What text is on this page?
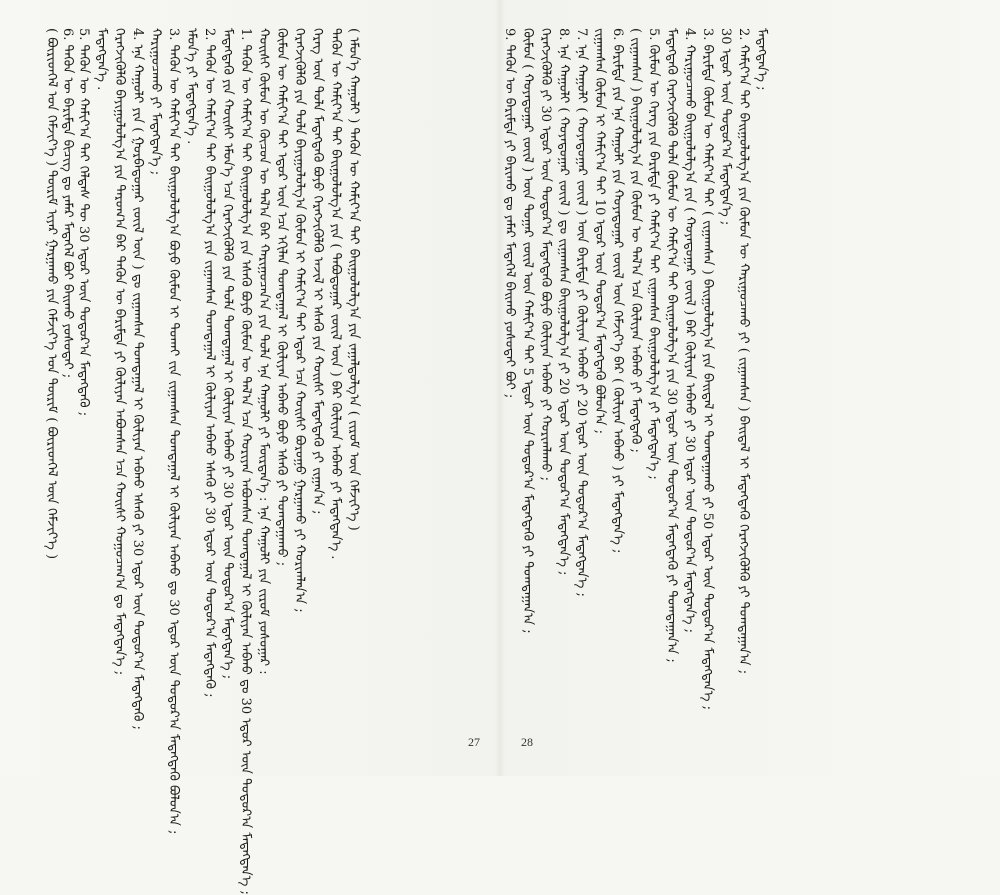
( ᠪᠦᠷᠢᠳᠭᠡᠯ ᠤᠨ ᠬᠡᠮᠵᠢᠶ᠎ᠡ ) ᠳᠦᠷᠢᠮ ᠢᠶᠠᠷ ᠭᠠᠷᠭᠠᠬᠤ ᠶᠢᠨ ᠬᠡᠮᠵᠢᠶ᠎ᠡ ᠤᠨ ᠳᠦᠷᠢᠮ ( ᠪᠦᠷᠢᠳᠭᠡᠯ ᠦᠨ ᠬᠡᠮᠵᠢᠶ᠎ᠡ ) 6. ᠲᠡᠭᠦᠨ ᠦ ᠪᠠᠷᠢᠮᠲᠠ ᠪᠢᠴᠢᠭ ᠳᠤ ᠶᠠᠮᠠᠷ ᠮᠡᠳᠡᠭᠡᠯ ᠪᠤᠢ ᠪᠠᠢᠬᠤ ᠶᠣᠰᠣᠳᠠᠢ ; 5. ᠲᠡᠭᠦᠨ ᠦ ᠬᠠᠮᠢᠶ᠎ᠠ ᠲᠠᠢ ᠬᠡᠯᠲᠡᠰ ᠲᠦ 30 ᠡᠳᠦᠷ ᠦᠨ ᠳᠣᠲᠣᠷ᠎ᠠ ᠮᠡᠳᠡᠭᠳᠡᠬᠦ ; ᠮᠡᠳᠡᠭᠳᠡᠨ᠎ᠡ . ᠬᠡᠷᠡᠭᠵᠢᠭᠦᠯᠬᠦ ᠪᠠᠶᠢᠭᠤᠯᠤᠯᠭ᠎ᠠ ᠶᠢᠨ ᠳᠠᠷᠤᠭ᠎ᠠ ᠪᠡᠷ ᠲᠡᠭᠦᠨ ᠦ ᠪᠠᠷᠢᠮᠲᠠ ᠶᠢ ᠬᠦᠯᠢᠶᠡᠨ ᠠᠪᠤᠭᠰᠠᠨ ᠡᠴᠡ ᠬᠣᠢᠰᠢ ᠬᠤᠭᠤᠴᠠᠭ᠎ᠠ ᠳᠤ ᠮᠡᠳᠡᠭᠳᠡᠨ᠎ᠡ ; 4. ᠡᠨᠡ ᠬᠠᠭᠤᠯᠢ ᠶᠢᠨ ( ᠭᠤᠷᠪᠠᠳᠤᠭᠠᠷ ᠵᠦᠢᠯ ᠦᠨ ) ᠳᠤ ᠵᠢᠭᠠᠭᠰᠠᠨ ᠲᠣᠭᠲᠠᠭᠠᠯ ᠢ ᠬᠦᠯᠢᠶᠡᠨ ᠠᠪᠬᠤ ᠡᠰᠡᠬᠦ ᠶᠢ 30 ᠡᠳᠦᠷ ᠦᠨ ᠳᠣᠲᠣᠷ᠎ᠠ ᠮᠡᠳᠡᠭᠳᠡᠬᠦ ; ᠬᠠᠷᠢᠭᠤᠴᠠᠬᠤ ᠶᠢ ᠮᠡᠳᠡᠭᠳᠡᠨ᠎ᠡ ; 3. ᠲᠡᠭᠦᠨ ᠦ ᠬᠠᠮᠢᠶ᠎ᠠ ᠲᠠᠢ ᠪᠠᠢᠭᠤᠯᠤᠯᠭ᠎ᠠ ᠪᠤᠶᠤ ᠬᠦᠮᠦᠨ ᠢ ᠲᠤᠬᠠᠢ ᠵᠢᠨ ᠵᠢᠭᠠᠭᠰᠠᠨ ᠲᠣᠭᠲᠠᠭᠠᠯ ᠢ ᠬᠦᠯᠢᠶᠡᠨ ᠠᠪᠬᠤ ᠳᠤ 30 ᠡᠳᠦᠷ ᠦᠨ ᠳᠣᠲᠣᠷ᠎ᠠ ᠮᠡᠳᠡᠭᠳᠡᠬᠦ ᠪᠤᠯᠤᠨ᠎ᠠ ; ᠡᠮᠦᠨ᠎ᠡ ᠶᠢ ᠮᠡᠳᠡᠭᠳᠡᠨ᠎ᠡ . 2. ᠲᠡᠭᠦᠨ ᠦ ᠬᠠᠮᠢᠶ᠎ᠠ ᠲᠠᠢ ᠪᠠᠢᠭᠤᠯᠤᠯᠭ᠎ᠠ ᠶᠢᠨ ᠵᠢᠭᠠᠭᠰᠠᠨ ᠲᠣᠭᠲᠠᠭᠠᠯ ᠢ ᠬᠦᠯᠢᠶᠡᠨ ᠠᠪᠬᠤ ᠡᠰᠡᠬᠦ ᠶᠢ 30 ᠡᠳᠦᠷ ᠦᠨ ᠳᠣᠲᠣᠷ᠎ᠠ ᠮᠡᠳᠡᠭᠳᠡᠬᠦ ; ᠮᠡᠳᠡᠭᠳᠡᠬᠦ ᠶᠢᠨ ᠬᠣᠢᠰᠢ ᠡᠮᠦᠨ᠎ᠡ ᠡᠴᠡ ᠬᠡᠷᠡᠭᠵᠢᠭᠦᠯᠬᠦ ᠶᠢᠨ ᠲᠤᠯᠠ ᠲᠣᠭᠲᠠᠭᠠᠯ ᠢ ᠬᠦᠯᠢᠶᠡᠨ ᠠᠪᠬᠤ ᠶᠢ 30 ᠡᠳᠦᠷ ᠦᠨ ᠳᠣᠲᠣᠷ᠎ᠠ ᠮᠡᠳᠡᠭᠳᠡᠨ᠎ᠡ ; 1. ᠲᠡᠭᠦᠨ ᠦ ᠬᠠᠮᠢᠶ᠎ᠠ ᠲᠠᠢ ᠪᠠᠢᠭᠤᠯᠤᠯᠭ᠎ᠠ ᠶᠢᠨ ᠡᠰᠡᠬᠦ ᠪᠤᠶᠤ ᠬᠦᠮᠦᠨ ᠦ ᠲᠠᠯ᠎ᠠ ᠡᠴᠡ ᠬᠤᠷᠢᠶᠠᠨ ᠠᠪᠤᠭᠰᠠᠨ ᠲᠣᠭᠲᠠᠭᠠᠯ ᠢ ᠬᠦᠯᠢᠶᠡᠨ ᠠᠪᠬᠤ ᠳᠤ 30 ᠡᠳᠦᠷ ᠦᠨ ᠳᠣᠲᠣᠷ᠎ᠠ ᠮᠡᠳᠡᠭᠳᠡᠨ᠎ᠡ ; ᠬᠣᠢᠰᠢ ᠬᠦᠮᠦᠨ ᠦ ᠬᠦᠴᠦᠨ ᠦ ᠲᠠᠯ᠎ᠠ ᠪᠠᠷ ᠬᠠᠷᠢᠭᠤᠴᠠᠨ᠎ᠠ ᠶᠢᠨ ᠲᠤᠯᠠ ᠡᠨᠡ ᠬᠠᠭᠤᠯᠢ ᠶᠢ ᠮᠦᠷᠳᠡᠨ᠎ᠡ : ᠡᠨᠡ ᠬᠠᠭᠤᠯᠢ ᠶᠢᠨ ᠵᠢᠷᠤᠮ ᠶᠣᠰᠣᠭᠠᠷ : ᠬᠦᠮᠦᠨ ᠦ ᠬᠠᠮᠢᠶ᠎ᠠ ᠲᠠᠢ ᠡᠳᠦᠷ ᠦᠨ ᠡᠴᠡ ᠡᠬᠢᠯᠡᠨ ᠲᠣᠭᠲᠠᠭᠠᠯ ᠢ ᠬᠦᠯᠢᠶᠡᠨ ᠠᠪᠬᠤ ᠪᠤᠶᠤ ᠡᠰᠡᠬᠦ ᠶᠢ ᠲᠣᠭᠲᠠᠭᠠᠬᠤ ; ᠬᠡᠷᠡᠭᠵᠢᠭᠦᠯᠬᠦ ᠶᠢᠨ ᠲᠤᠯᠠ ᠪᠠᠶᠢᠭᠤᠯᠤᠯᠭ᠎ᠠ ᠬᠦᠮᠦᠨ ᠢ ᠬᠠᠮᠢᠶ᠎ᠠ ᠲᠠᠢ ᠡᠳᠦᠷ ᠡᠴᠡ ᠬᠣᠢᠰᠢ ᠪᠤᠷᠤᠭᠤ ᠭᠠᠷᠭᠠᠬᠤ ᠶᠢ ᠬᠣᠷᠢᠭᠯᠠᠨ᠎ᠠ ; ᠬᠡᠷᠡᠭ ᠦᠨ ᠲᠤᠯᠠ ᠮᠡᠳᠡᠭᠳᠡᠬᠦ ᠪᠤᠶᠤ ᠬᠡᠷᠡᠭᠵᠢᠭᠦᠯᠬᠦ ᠠᠵᠢᠯ ᠢ ᠡᠰᠡᠬᠦ ᠶᠢᠨ ᠬᠣᠢᠰᠢ ᠮᠡᠳᠡᠭᠳᠡᠬᠦ ᠶᠢ ᠵᠢᠭᠠᠨ᠎ᠠ ; ᠲᠡᠭᠦᠨ ᠦ ᠬᠠᠮᠢᠶ᠎ᠠ ᠲᠠᠢ ᠪᠠᠢᠭᠤᠯᠤᠯᠭ᠎ᠠ ᠶᠢᠨ ( ᠲᠠᠪᠤᠳᠤᠭᠠᠷ ᠵᠦᠢᠯ ᠦᠨ ) ᠪᠠᠷ ᠬᠦᠯᠢᠶᠡᠨ ᠠᠪᠬᠤ ᠶᠢ ᠮᠡᠳᠡᠭᠳᠡᠨ᠎ᠡ . ( ᠡᠮᠦᠨ᠎ᠡ ᠬᠠᠭᠤᠯᠢ ) ᠲᠡᠭᠦᠨ ᠦ ᠬᠠᠮᠢᠶ᠎ᠠ ᠲᠠᠢ ᠪᠠᠢᠭᠤᠯᠤᠯᠭ᠎ᠠ ᠶᠢᠨ ᠵᠠᠭᠠᠯᠳᠤᠯᠭ᠎ᠠ ( ᠵᠢᠷᠤᠮ ᠦᠨ ᠬᠡᠮᠵᠢᠶ᠎ᠡ )	9. ᠲᠡᠭᠦᠨ ᠦ ᠪᠠᠷᠢᠮᠲᠠ ᠶᠢ ᠪᠠᠷᠢᠬᠤ ᠳᠤ ᠶᠠᠮᠠᠷ ᠮᠡᠳᠡᠭᠡᠯ ᠪᠠᠢᠬᠤ ᠶᠣᠰᠣᠳᠠᠢ ᠪᠤᠢ ; ᠬᠦᠮᠦᠨ ( ᠬᠣᠶᠠᠳᠤᠭᠠᠷ ᠵᠦᠢᠯ ) ᠦᠨ ᠳᠤᠭᠠᠷ ᠵᠦᠢᠯ ᠦᠨ ᠬᠠᠮᠢᠶ᠎ᠠ ᠲᠠᠢ 5 ᠡᠳᠦᠷ ᠦᠨ ᠳᠣᠲᠣᠷ᠎ᠠ ᠮᠡᠳᠡᠭᠳᠡᠬᠦ ᠶᠢ ᠲᠣᠭᠲᠠᠭᠠᠨ᠎ᠠ ; ᠬᠡᠷᠡᠭᠵᠢᠭᠦᠯᠬᠦ ᠶᠢ 30 ᠡᠳᠦᠷ ᠦᠨ ᠳᠣᠲᠣᠷ᠎ᠠ ᠮᠡᠳᠡᠭᠳᠡᠬᠦ ᠪᠤᠶᠤ ᠬᠦᠯᠢᠶᠡᠨ ᠠᠪᠬᠤ ᠶᠢ ᠬᠣᠷᠢᠭᠯᠠᠬᠤ ; 8. ᠡᠨᠡ ᠬᠠᠭᠤᠯᠢ ( ᠬᠣᠶᠠᠳᠤᠭᠠᠷ ᠵᠦᠢᠯ ) ᠳᠤ ᠵᠢᠭᠠᠭᠰᠠᠨ ᠪᠠᠢᠭᠤᠯᠤᠯᠭ᠎ᠠ ᠶᠢ 20 ᠡᠳᠦᠷ ᠦᠨ ᠳᠣᠲᠣᠷ᠎ᠠ ᠮᠡᠳᠡᠭᠳᠡᠨ᠎ᠡ ; 7. ᠡᠨᠡ ᠬᠠᠭᠤᠯᠢ ( ᠬᠣᠶᠠᠳᠤᠭᠠᠷ ᠵᠦᠢᠯ ) ᠦᠨ ᠪᠠᠷᠢᠮᠲᠠ ᠶᠢ ᠬᠦᠯᠢᠶᠡᠨ ᠠᠪᠬᠤ ᠶᠢ 20 ᠡᠳᠦᠷ ᠦᠨ ᠳᠣᠲᠣᠷ᠎ᠠ ᠮᠡᠳᠡᠭᠳᠡᠨ᠎ᠡ ; ᠵᠢᠭᠠᠭᠰᠠᠨ ᠬᠦᠮᠦᠨ ᠢ ᠬᠠᠮᠢᠶ᠎ᠠ ᠲᠠᠢ 10 ᠡᠳᠦᠷ ᠦᠨ ᠳᠣᠲᠣᠷ᠎ᠠ ᠮᠡᠳᠡᠭᠳᠡᠬᠦ ᠪᠤᠯᠤᠨ᠎ᠠ ; 6. ᠪᠠᠷᠢᠮᠲᠠ ᠶᠢᠨ ᠡᠨᠡ ᠬᠠᠭᠤᠯᠢ ᠶᠢᠨ ᠬᠣᠶᠠᠳᠤᠭᠠᠷ ᠵᠦᠢᠯ ᠦᠨ ᠬᠡᠮᠵᠢᠶ᠎ᠡ ᠪᠡᠷ ( ᠬᠦᠯᠢᠶᠡᠨ ᠠᠪᠬᠤ ) ᠶᠢ ᠮᠡᠳᠡᠭᠳᠡᠨ᠎ᠡ ; ( ᠵᠢᠭᠠᠭᠰᠠᠨ ) ᠪᠠᠢᠭᠤᠯᠤᠯᠭ᠎ᠠ ᠶᠢᠨ ᠬᠦᠮᠦᠨ ᠦ ᠲᠠᠯ᠎ᠠ ᠡᠴᠡ ᠬᠦᠯᠢᠶᠡᠨ ᠠᠪᠬᠤ ᠶᠢ ᠮᠡᠳᠡᠭᠳᠡᠬᠦ ; 5. ᠬᠦᠮᠦᠨ ᠦ ᠬᠡᠷᠡᠭ ᠶᠢᠨ ᠪᠠᠷᠢᠮᠲᠠ ᠶᠢ ᠬᠠᠮᠢᠶ᠎ᠠ ᠲᠠᠢ ᠵᠢᠭᠠᠭᠰᠠᠨ ᠪᠠᠢᠭᠤᠯᠤᠯᠭ᠎ᠠ ᠶᠢ ᠮᠡᠳᠡᠭᠳᠡᠨ᠎ᠡ ; ᠮᠡᠳᠡᠭᠳᠡᠬᠦ ᠬᠡᠷᠡᠭᠵᠢᠭᠦᠯᠬᠦ ᠲᠤᠯᠠ ᠬᠦᠮᠦᠨ ᠦ ᠬᠠᠮᠢᠶ᠎ᠠ ᠲᠠᠢ ᠪᠠᠢᠭᠤᠯᠤᠯᠭ᠎ᠠ ᠶᠢᠨ 30 ᠡᠳᠦᠷ ᠦᠨ ᠳᠣᠲᠣᠷ᠎ᠠ ᠮᠡᠳᠡᠭᠳᠡᠬᠦ ᠶᠢ ᠲᠣᠭᠲᠠᠭᠠᠨ᠎ᠠ ; 4. ᠬᠠᠷᠢᠭᠤᠴᠠᠬᠤ ᠪᠠᠢᠭᠤᠯᠤᠯᠭ᠎ᠠ ᠶᠢᠨ ( ᠬᠣᠶᠠᠳᠤᠭᠠᠷ ᠵᠦᠢᠯ ) ᠪᠠᠷ ᠬᠦᠯᠢᠶᠡᠨ ᠠᠪᠬᠤ ᠶᠢ 30 ᠡᠳᠦᠷ ᠦᠨ ᠳᠣᠲᠣᠷ᠎ᠠ ᠮᠡᠳᠡᠭᠳᠡᠨ᠎ᠡ ; 3. ᠪᠠᠷᠢᠮᠲᠠ ᠬᠦᠮᠦᠨ ᠦ ᠬᠠᠮᠢᠶ᠎ᠠ ᠲᠠᠢ ( ᠵᠢᠭᠠᠭᠰᠠᠨ ) ᠪᠠᠢᠭᠤᠯᠤᠯᠭ᠎ᠠ ᠶᠢᠨ ᠪᠠᠢᠳᠠᠯ ᠢ ᠲᠣᠭᠲᠠᠭᠠᠬᠤ ᠶᠢ 50 ᠡᠳᠦᠷ ᠦᠨ ᠳᠣᠲᠣᠷ᠎ᠠ ᠮᠡᠳᠡᠭᠳᠡᠨ᠎ᠡ ; 30 ᠡᠳᠦᠷ ᠦᠨ ᠳᠣᠲᠣᠷ᠎ᠠ ᠮᠡᠳᠡᠭᠳᠡᠨ᠎ᠡ ; 2. ᠬᠠᠮᠢᠶ᠎ᠠ ᠲᠠᠢ ᠪᠠᠢᠭᠤᠯᠤᠯᠭ᠎ᠠ ᠶᠢᠨ ᠬᠦᠮᠦᠨ ᠦ ᠬᠠᠷᠢᠭᠤᠴᠠᠬᠤ ᠶᠢ ( ᠵᠢᠭᠠᠭᠰᠠᠨ ) ᠪᠠᠢᠳᠠᠯ ᠢ ᠮᠡᠳᠡᠭᠳᠡᠬᠦ ᠬᠡᠷᠡᠭᠵᠢᠭᠦᠯᠬᠦ ᠶᠢ ᠲᠣᠭᠲᠠᠭᠠᠨ᠎ᠠ ; ᠮᠡᠳᠡᠭᠳᠡᠨ᠎ᠡ ;
27	28
